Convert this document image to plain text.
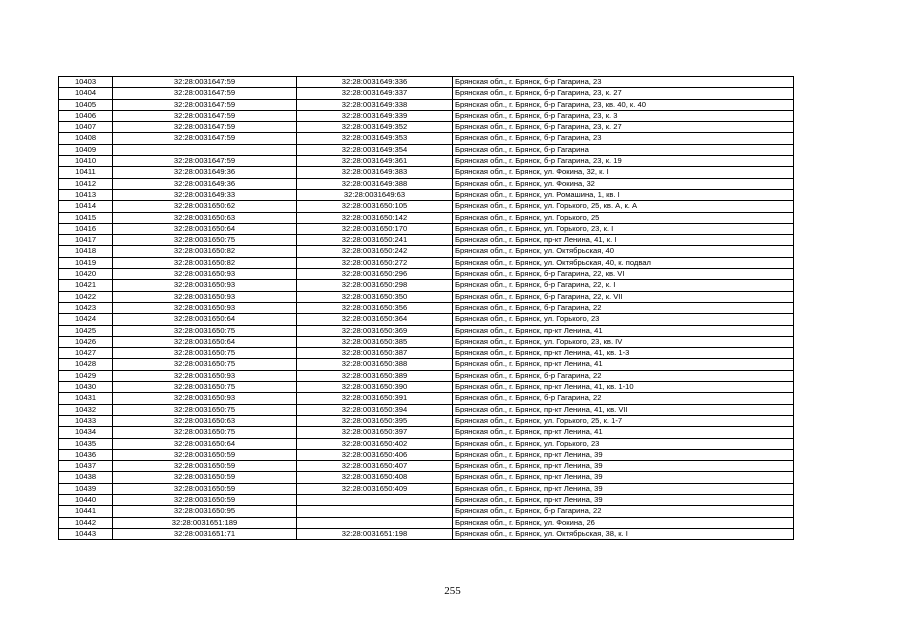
10403	32:28:0031647:59	32:28:0031649:336	Брянская обл., г. Брянск, б-р Гагарина, 23
10404	32:28:0031647:59	32:28:0031649:337	Брянская обл., г. Брянск, б-р Гагарина, 23, к. 27
10405	32:28:0031647:59	32:28:0031649:338	Брянская обл., г. Брянск, б-р Гагарина, 23, кв. 40, к. 40
10406	32:28:0031647:59	32:28:0031649:339	Брянская обл., г. Брянск, б-р Гагарина, 23, к. 3
10407	32:28:0031647:59	32:28:0031649:352	Брянская обл., г. Брянск, б-р Гагарина, 23, к. 27
10408	32:28:0031647:59	32:28:0031649:353	Брянская обл., г. Брянск, б-р Гагарина, 23
10409		32:28:0031649:354	Брянская обл., г. Брянск, б-р Гагарина
10410	32:28:0031647:59	32:28:0031649:361	Брянская обл., г. Брянск, б-р Гагарина, 23, к. 19
10411	32:28:0031649:36	32:28:0031649:383	Брянская обл., г. Брянск, ул. Фокина, 32, к. I
10412	32:28:0031649:36	32:28:0031649:388	Брянская обл., г. Брянск, ул. Фокина, 32
10413	32:28:0031649:33	32:28:0031649:63	Брянская обл., г. Брянск, ул. Ромашина, 1, кв. I
10414	32:28:0031650:62	32:28:0031650:105	Брянская обл., г. Брянск, ул. Горького, 25, кв. А, к. А
10415	32:28:0031650:63	32:28:0031650:142	Брянская обл., г. Брянск, ул. Горького, 25
10416	32:28:0031650:64	32:28:0031650:170	Брянская обл., г. Брянск, ул. Горького, 23, к. I
10417	32:28:0031650:75	32:28:0031650:241	Брянская обл., г. Брянск, пр-кт Ленина, 41, к. I
10418	32:28:0031650:82	32:28:0031650:242	Брянская обл., г. Брянск, ул. Октябрьская, 40
10419	32:28:0031650:82	32:28:0031650:272	Брянская обл., г. Брянск, ул. Октябрьская, 40, к. подвал
10420	32:28:0031650:93	32:28:0031650:296	Брянская обл., г. Брянск, б-р Гагарина, 22, кв. VI
10421	32:28:0031650:93	32:28:0031650:298	Брянская обл., г. Брянск, б-р Гагарина, 22, к. I
10422	32:28:0031650:93	32:28:0031650:350	Брянская обл., г. Брянск, б-р Гагарина, 22, к. VII
10423	32:28:0031650:93	32:28:0031650:356	Брянская обл., г. Брянск, б-р Гагарина, 22
10424	32:28:0031650:64	32:28:0031650:364	Брянская обл., г. Брянск, ул. Горького, 23
10425	32:28:0031650:75	32:28:0031650:369	Брянская обл., г. Брянск, пр-кт Ленина, 41
10426	32:28:0031650:64	32:28:0031650:385	Брянская обл., г. Брянск, ул. Горького, 23, кв. IV
10427	32:28:0031650:75	32:28:0031650:387	Брянская обл., г. Брянск, пр-кт Ленина, 41, кв. 1-3
10428	32:28:0031650:75	32:28:0031650:388	Брянская обл., г. Брянск, пр-кт Ленина, 41
10429	32:28:0031650:93	32:28:0031650:389	Брянская обл., г. Брянск, б-р Гагарина, 22
10430	32:28:0031650:75	32:28:0031650:390	Брянская обл., г. Брянск, пр-кт Ленина, 41, кв. 1-10
10431	32:28:0031650:93	32:28:0031650:391	Брянская обл., г. Брянск, б-р Гагарина, 22
10432	32:28:0031650:75	32:28:0031650:394	Брянская обл., г. Брянск, пр-кт Ленина, 41, кв. VII
10433	32:28:0031650:63	32:28:0031650:395	Брянская обл., г. Брянск, ул. Горького, 25, к. 1-7
10434	32:28:0031650:75	32:28:0031650:397	Брянская обл., г. Брянск, пр-кт Ленина, 41
10435	32:28:0031650:64	32:28:0031650:402	Брянская обл., г. Брянск, ул. Горького, 23
10436	32:28:0031650:59	32:28:0031650:406	Брянская обл., г. Брянск, пр-кт Ленина, 39
10437	32:28:0031650:59	32:28:0031650:407	Брянская обл., г. Брянск, пр-кт Ленина, 39
10438	32:28:0031650:59	32:28:0031650:408	Брянская обл., г. Брянск, пр-кт Ленина, 39
10439	32:28:0031650:59	32:28:0031650:409	Брянская обл., г. Брянск, пр-кт Ленина, 39
10440	32:28:0031650:59		Брянская обл., г. Брянск, пр-кт Ленина, 39
10441	32:28:0031650:95		Брянская обл., г. Брянск, б-р Гагарина, 22
10442	32:28:0031651:189		Брянская обл., г. Брянск, ул. Фокина, 26
10443	32:28:0031651:71	32:28:0031651:198	Брянская обл., г. Брянск, ул. Октябрьская, 38, к. I
255
